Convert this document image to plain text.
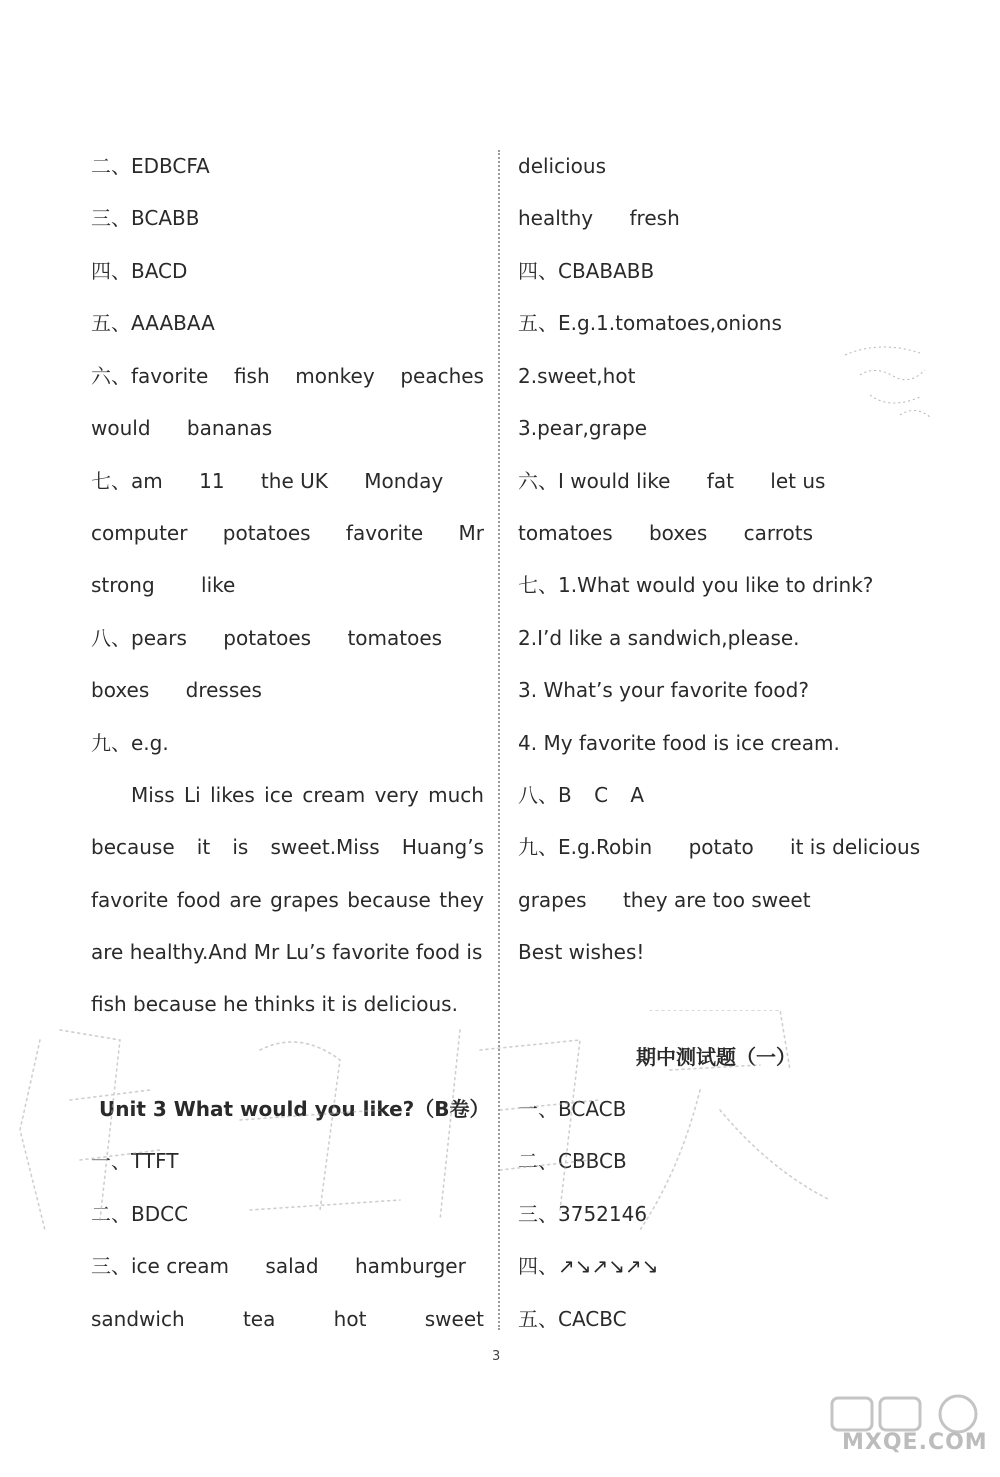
二、EDBCFA
三、BCABB
四、BACD
五、AAABAA
六、favorite fish monkey peaches
would bananas
七、am 11 the UK Monday
computer potatoes favorite Mr
strong like
八、pears potatoes tomatoes
boxes dresses
九、e.g.
Miss Li likes ice cream very much
because it is sweet.Miss Huang’s
favorite food are grapes because they
are healthy.And Mr Lu’s favorite food is
fish because he thinks it is delicious.
Unit 3 What would you like?（B卷）
一、TTFT
二、BDCC
三、ice cream salad hamburger
sandwich	tea	hot	sweet
delicious
healthy fresh
四、CBABABB
五、E.g.1.tomatoes,onions
2.sweet,hot
3.pear,grape
六、I would like fat let us
tomatoes boxes carrots
七、1.What would you like to drink?
2.I’d like a sandwich,please.
3. What’s your favorite food?
4. My favorite food is ice cream.
八、B C A
九、E.g.Robin potato it is delicious
grapes they are too sweet
Best wishes!
期中测试题（一）
一、BCACB
二、CBBCB
三、3752146
四、↗↘↗↘↗↘
五、CACBC
3
MXQE.COM
